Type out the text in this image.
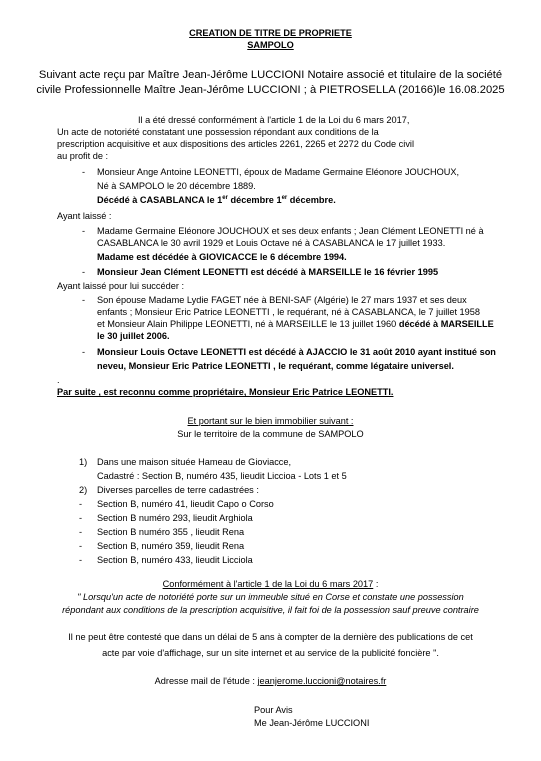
CREATION DE TITRE DE PROPRIETE
SAMPOLO
Suivant acte reçu par Maître Jean-Jérôme LUCCIONI Notaire associé et titulaire de la société
civile Professionnelle Maître Jean-Jérôme LUCCIONI ; à PIETROSELLA (20166)le 16.08.2025
Il a été dressé conformément à l'article 1 de la Loi du 6 mars 2017,
Un acte de notoriété constatant une possession répondant aux conditions de la
prescription acquisitive et aux dispositions des articles 2261, 2265 et 2272 du Code civil
au profit de :
- Monsieur Ange Antoine LEONETTI, époux de Madame Germaine Eléonore JOUCHOUX,
Né à SAMPOLO le 20 décembre 1889.
Décédé à CASABLANCA le 1er décembre 1er décembre.
Ayant laissé :
- Madame Germaine Eléonore JOUCHOUX et ses deux enfants ; Jean Clément LEONETTI né à
CASABLANCA le 30 avril 1929 et Louis Octave né à CASABLANCA le 17 juillet 1933.
Madame est décédée à GIOVICACCE le 6 décembre 1994.
- Monsieur Jean Clément LEONETTI est décédé à MARSEILLE le 16 février 1995
Ayant laissé pour lui succéder :
- Son épouse Madame Lydie FAGET née à BENI-SAF (Algérie) le 27 mars 1937 et ses deux
enfants ; Monsieur Eric Patrice LEONETTI , le requérant, né à CASABLANCA, le 7 juillet 1958
et Monsieur Alain Philippe LEONETTI, né à MARSEILLE le 13 juillet 1960 décédé à MARSEILLE
le 30 juillet 2006.
- Monsieur Louis Octave LEONETTI est décédé à AJACCIO le 31 août 2010 ayant institué son
neveu, Monsieur Eric Patrice LEONETTI , le requérant, comme légataire universel.
.
Par suite , est reconnu comme propriétaire, Monsieur Eric Patrice LEONETTI.
Et portant sur le bien immobilier suivant :
Sur le territoire de la commune de SAMPOLO
1) Dans une maison située Hameau de Gioviacce,
Cadastré : Section B, numéro 435, lieudit Liccioa - Lots 1 et 5
2) Diverses parcelles de terre cadastrées :
- Section B, numéro 41, lieudit Capo o Corso
- Section B numéro 293, lieudit Arghiola
- Section B numéro 355 , lieudit Rena
- Section B, numéro 359, lieudit Rena
- Section B, numéro 433, lieudit Licciola
Conformément à l'article 1 de la Loi du 6 mars 2017 :
" Lorsqu'un acte de notoriété porte sur un immeuble situé en Corse et constate une possession
répondant aux conditions de la prescription acquisitive, il fait foi de la possession sauf preuve contraire
Il ne peut être contesté que dans un délai de 5 ans à compter de la dernière des publications de cet
acte par voie d'affichage, sur un site internet et au service de la publicité foncière ".
Adresse mail de l'étude : jeanjerome.luccioni@notaires.fr
Pour Avis
Me Jean-Jérôme LUCCIONI
